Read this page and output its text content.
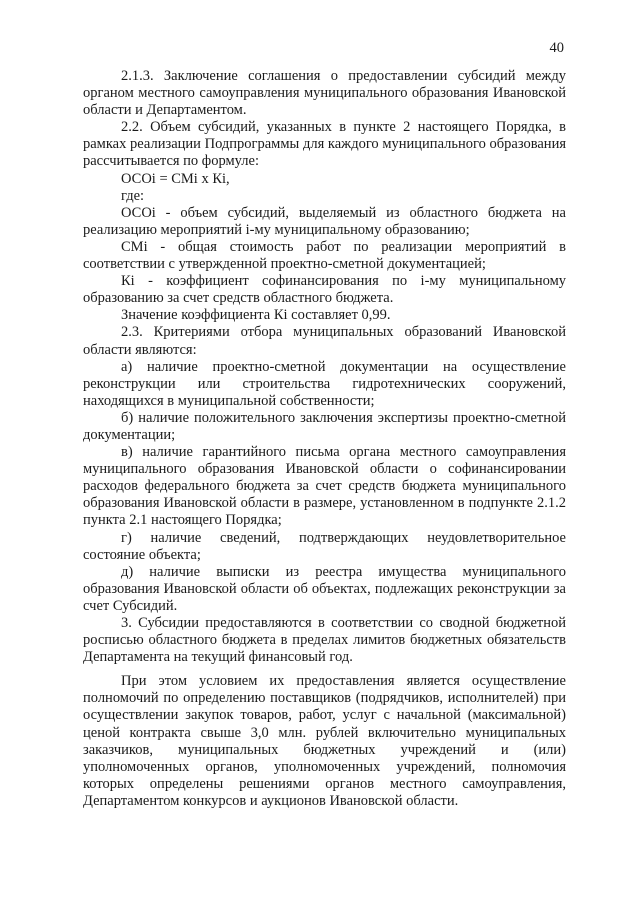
40

2.1.3. Заключение соглашения о предоставлении субсидий между органом местного самоуправления муниципального образования Ивановской области и Департаментом.

2.2. Объем субсидий, указанных в пункте 2 настоящего Порядка, в рамках реализации Подпрограммы для каждого муниципального образования рассчитывается по формуле:

ОСОi = СМi x Кi,

где:

ОСОi - объем субсидий, выделяемый из областного бюджета на реализацию мероприятий i-му муниципальному образованию;

СМi - общая стоимость работ по реализации мероприятий в соответствии с утвержденной проектно-сметной документацией;

Кi - коэффициент софинансирования по i-му муниципальному образованию за счет средств областного бюджета.

Значение коэффициента Кi составляет 0,99.

2.3. Критериями отбора муниципальных образований Ивановской области являются:

а) наличие проектно-сметной документации на осуществление реконструкции или строительства гидротехнических сооружений, находящихся в муниципальной собственности;

б) наличие положительного заключения экспертизы проектно-сметной документации;

в) наличие гарантийного письма органа местного самоуправления муниципального образования Ивановской области о софинансировании расходов федерального бюджета за счет средств бюджета муниципального образования Ивановской области в размере, установленном в подпункте 2.1.2 пункта 2.1 настоящего Порядка;

г) наличие сведений, подтверждающих неудовлетворительное состояние объекта;

д) наличие выписки из реестра имущества муниципального образования Ивановской области об объектах, подлежащих реконструкции за счет Субсидий.

3. Субсидии предоставляются в соответствии со сводной бюджетной росписью областного бюджета в пределах лимитов бюджетных обязательств Департамента на текущий финансовый год.

При этом условием их предоставления является осуществление полномочий по определению поставщиков (подрядчиков, исполнителей) при осуществлении закупок товаров, работ, услуг с начальной (максимальной) ценой контракта свыше 3,0 млн. рублей включительно муниципальных заказчиков, муниципальных бюджетных учреждений и (или) уполномоченных органов, уполномоченных учреждений, полномочия которых определены решениями органов местного самоуправления, Департаментом конкурсов и аукционов Ивановской области.
